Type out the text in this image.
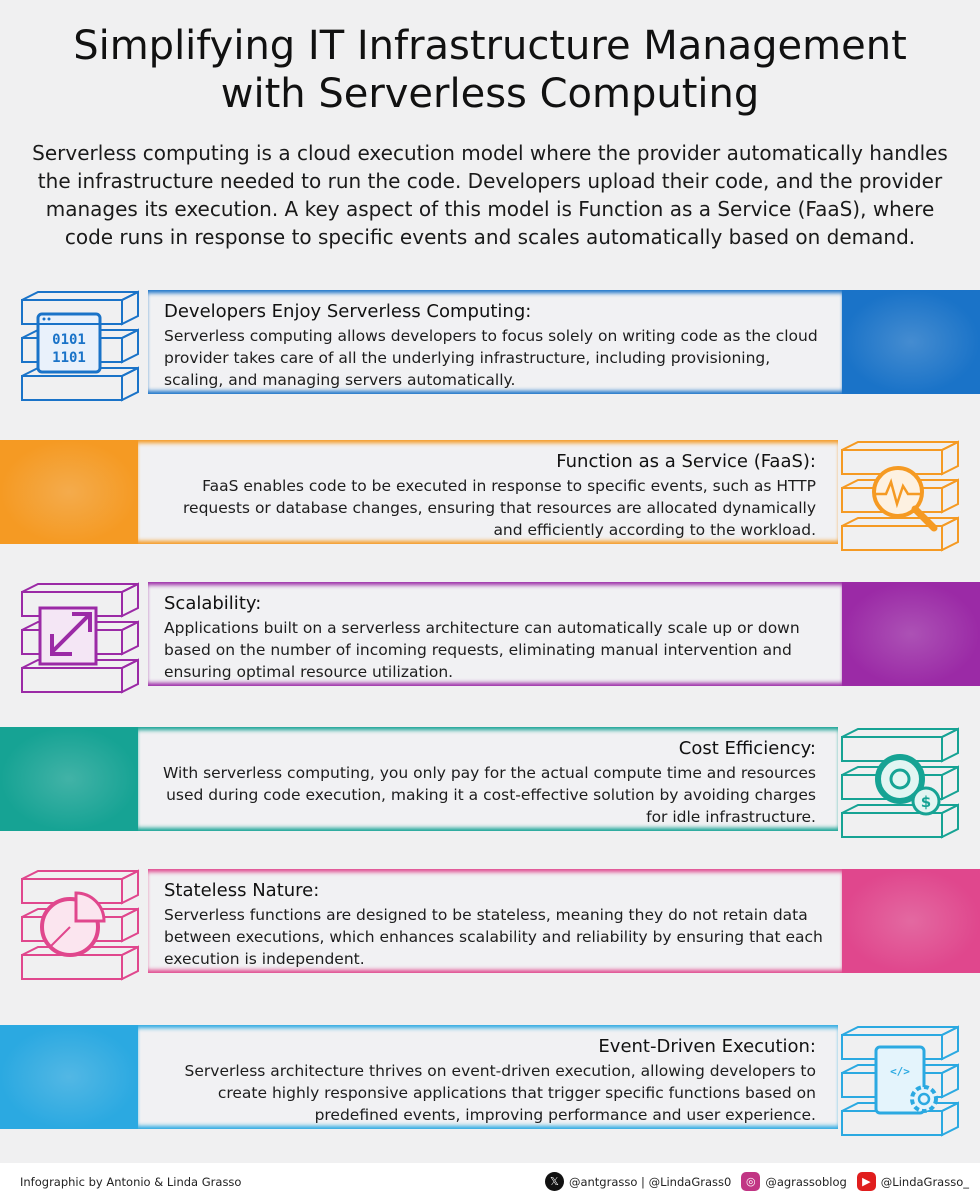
Simplifying IT Infrastructure Management
with Serverless Computing

Serverless computing is a cloud execution model where the provider automatically handles the infrastructure needed to run the code. Developers upload their code, and the provider manages its execution. A key aspect of this model is Function as a Service (FaaS), where code runs in response to specific events and scales automatically based on demand.

Developers Enjoy Serverless Computing:
Serverless computing allows developers to focus solely on writing code as the cloud provider takes care of all the underlying infrastructure, including provisioning, scaling, and managing servers automatically.
0101
1101
Function as a Service (FaaS):
FaaS enables code to be executed in response to specific events, such as HTTP requests or database changes, ensuring that resources are allocated dynamically and efficiently according to the workload.
Scalability:
Applications built on a serverless architecture can automatically scale up or down based on the number of incoming requests, eliminating manual intervention and ensuring optimal resource utilization.
Cost Efficiency:
With serverless computing, you only pay for the actual compute time and resources used during code execution, making it a cost-effective solution by avoiding charges for idle infrastructure.
$
Stateless Nature:
Serverless functions are designed to be stateless, meaning they do not retain data between executions, which enhances scalability and reliability by ensuring that each execution is independent.
Event-Driven Execution:
Serverless architecture thrives on event-driven execution, allowing developers to create highly responsive applications that trigger specific functions based on predefined events, improving performance and user experience.
</>
Infographic by Antonio & Linda Grasso	𝕏 @antgrasso | @LindaGrass0	◎ @agrassoblog	▶ @LindaGrasso_
